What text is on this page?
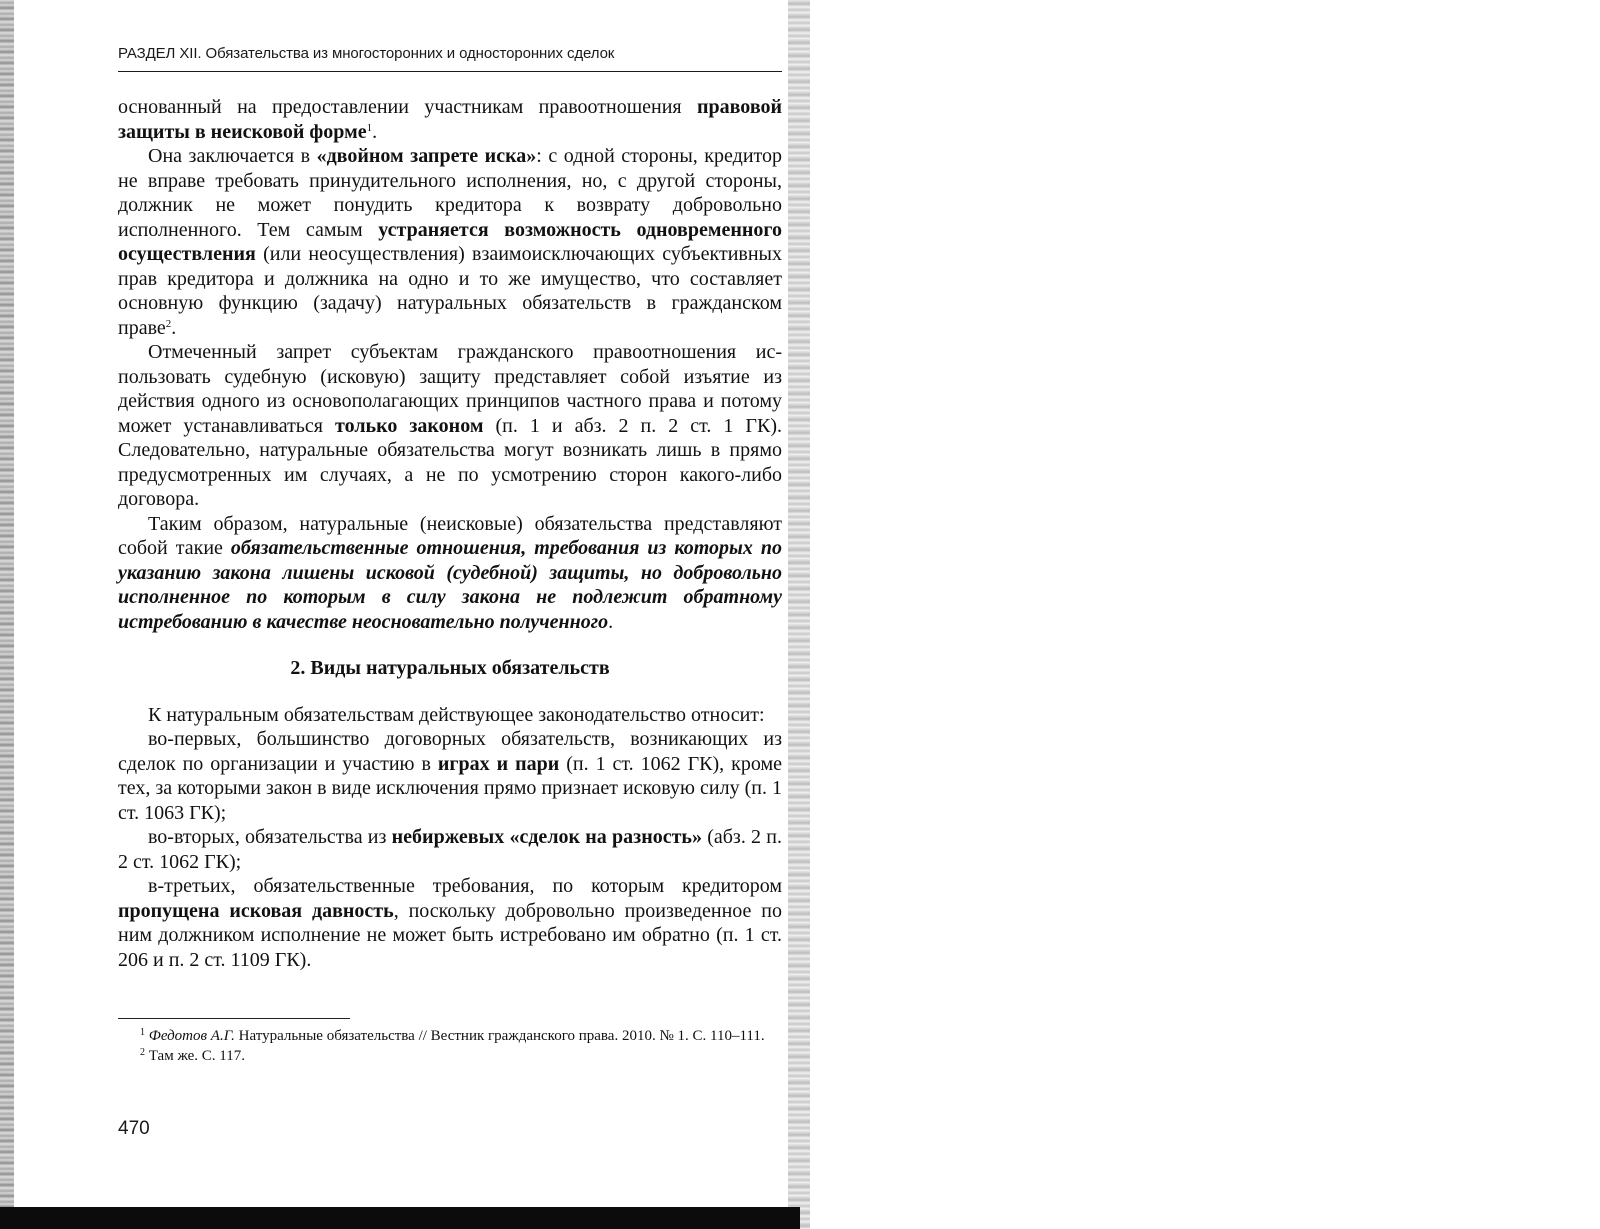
РАЗДЕЛ XII. Обязательства из многосторонних и односторонних сделок

основанный на предоставлении участникам правоотношения правовой защиты в неисковой форме$^1$.

Она заключается в «двойном запрете иска»: с одной стороны, кредитор не вправе требовать принудительного исполнения, но, с другой стороны, должник не может понудить кредитора к возврату добровольно исполненного. Тем самым устраняется возможность одновременного осуществления (или неосуществления) взаимоисключающих субъективных прав кредитора и должника на одно и то же имущество, что составляет основную функцию (задачу) натуральных обязательств в гражданском праве$^2$.

Отмеченный запрет субъектам гражданского правоотношения использовать судебную (исковую) защиту представляет собой изъятие из действия одного из основополагающих принципов частного права и потому может устанавливаться только законом (п. 1 и абз. 2 п. 2 ст. 1 ГК). Следовательно, натуральные обязательства могут возникать лишь в прямо предусмотренных им случаях, а не по усмотрению сторон какого-либо договора.

Таким образом, натуральные (неисковые) обязательства представляют собой такие обязательственные отношения, требования из которых по указанию закона лишены исковой (судебной) защиты, но добровольно исполненное по которым в силу закона не подлежит обратному истребованию в качестве неосновательно полученного.

2. Виды натуральных обязательств

К натуральным обязательствам действующее законодательство относит:

во-первых, большинство договорных обязательств, возникающих из сделок по организации и участию в играх и пари (п. 1 ст. 1062 ГК), кроме тех, за которыми закон в виде исключения прямо признает исковую силу (п. 1 ст. 1063 ГК);

во-вторых, обязательства из небиржевых «сделок на разность» (абз. 2 п. 2 ст. 1062 ГК);

в-третьих, обязательственные требования, по которым кредитором пропущена исковая давность, поскольку добровольно произведенное по ним должником исполнение не может быть истребовано им обратно (п. 1 ст. 206 и п. 2 ст. 1109 ГК).

$^1$ Федотов А.Г. Натуральные обязательства // Вестник гражданского права. 2010. № 1. С. 110–111.

$^2$ Там же. С. 117.

470
